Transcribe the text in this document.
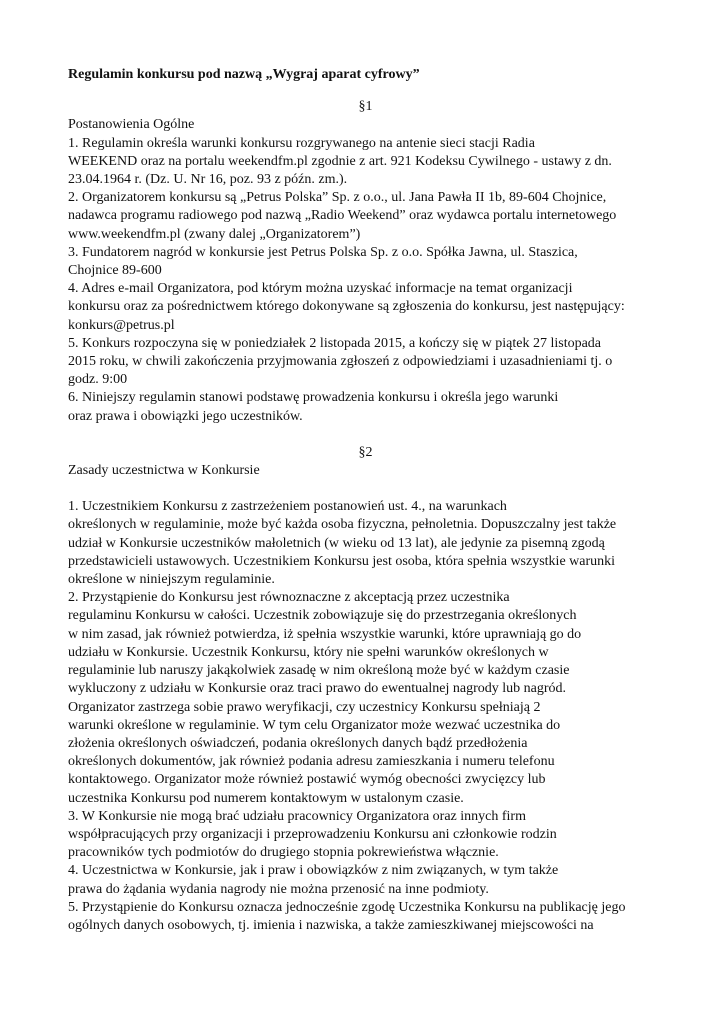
Regulamin konkursu pod nazwą „Wygraj aparat cyfrowy”

§1

Postanowienia Ogólne

1. Regulamin określa warunki konkursu rozgrywanego na antenie sieci stacji Radia

WEEKEND oraz na portalu weekendfm.pl zgodnie z art. 921 Kodeksu Cywilnego - ustawy z dn.

23.04.1964 r. (Dz. U. Nr 16, poz. 93 z późn. zm.).

2. Organizatorem konkursu są „Petrus Polska” Sp. z o.o., ul. Jana Pawła II 1b, 89-604 Chojnice,

nadawca programu radiowego pod nazwą „Radio Weekend” oraz wydawca portalu internetowego

www.weekendfm.pl (zwany dalej „Organizatorem”)

3. Fundatorem nagród w konkursie jest Petrus Polska Sp. z o.o. Spółka Jawna, ul. Staszica,

Chojnice 89-600

4. Adres e-mail Organizatora, pod którym można uzyskać informacje na temat organizacji

konkursu oraz za pośrednictwem którego dokonywane są zgłoszenia do konkursu, jest następujący:

konkurs@petrus.pl

5. Konkurs rozpoczyna się w poniedziałek 2 listopada 2015, a kończy się w piątek 27 listopada

2015 roku, w chwili zakończenia przyjmowania zgłoszeń z odpowiedziami i uzasadnieniami tj. o

godz. 9:00

6. Niniejszy regulamin stanowi podstawę prowadzenia konkursu i określa jego warunki

oraz prawa i obowiązki jego uczestników.

§2

Zasady uczestnictwa w Konkursie

1. Uczestnikiem Konkursu z zastrzeżeniem postanowień ust. 4., na warunkach

określonych w regulaminie, może być każda osoba fizyczna, pełnoletnia. Dopuszczalny jest także

udział w Konkursie uczestników małoletnich (w wieku od 13 lat), ale jedynie za pisemną zgodą

przedstawicieli ustawowych. Uczestnikiem Konkursu jest osoba, która spełnia wszystkie warunki

określone w niniejszym regulaminie.

2. Przystąpienie do Konkursu jest równoznaczne z akceptacją przez uczestnika

regulaminu Konkursu w całości. Uczestnik zobowiązuje się do przestrzegania określonych

w nim zasad, jak również potwierdza, iż spełnia wszystkie warunki, które uprawniają go do

udziału w Konkursie. Uczestnik Konkursu, który nie spełni warunków określonych w

regulaminie lub naruszy jakąkolwiek zasadę w nim określoną może być w każdym czasie

wykluczony z udziału w Konkursie oraz traci prawo do ewentualnej nagrody lub nagród.

Organizator zastrzega sobie prawo weryfikacji, czy uczestnicy Konkursu spełniają 2

warunki określone w regulaminie. W tym celu Organizator może wezwać uczestnika do

złożenia określonych oświadczeń, podania określonych danych bądź przedłożenia

określonych dokumentów, jak również podania adresu zamieszkania i numeru telefonu

kontaktowego. Organizator może również postawić wymóg obecności zwycięzcy lub

uczestnika Konkursu pod numerem kontaktowym w ustalonym czasie.

3. W Konkursie nie mogą brać udziału pracownicy Organizatora oraz innych firm

współpracujących przy organizacji i przeprowadzeniu Konkursu ani członkowie rodzin

pracowników tych podmiotów do drugiego stopnia pokrewieństwa włącznie.

4. Uczestnictwa w Konkursie, jak i praw i obowiązków z nim związanych, w tym także

prawa do żądania wydania nagrody nie można przenosić na inne podmioty.

5. Przystąpienie do Konkursu oznacza jednocześnie zgodę Uczestnika Konkursu na publikację jego

ogólnych danych osobowych, tj. imienia i nazwiska, a także zamieszkiwanej miejscowości na
